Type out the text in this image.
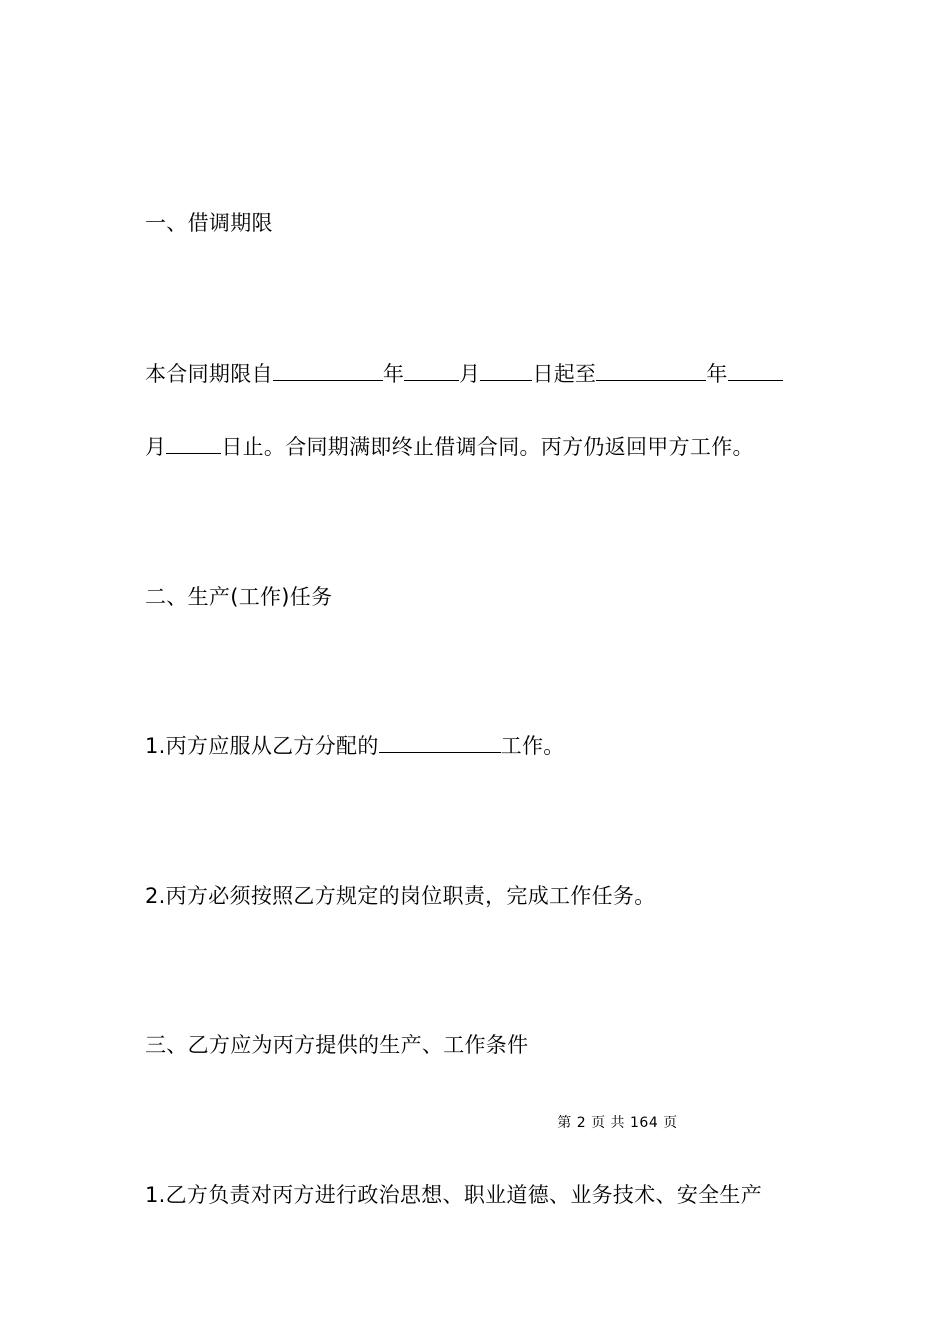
一、借调期限
本合同期限自	年	月 日起至	年
月	日止。合同期满即终止借调合同。丙方仍返回甲方工作。
二、生产(工作)任务
1.丙方应服从乙方分配的	工作。
2.丙方必须按照乙方规定的岗位职责，完成工作任务。
三、乙方应为丙方提供的生产、工作条件
第 2 页 共 164 页
1.乙方负责对丙方进行政治思想、职业道德、业务技术、安全生产
